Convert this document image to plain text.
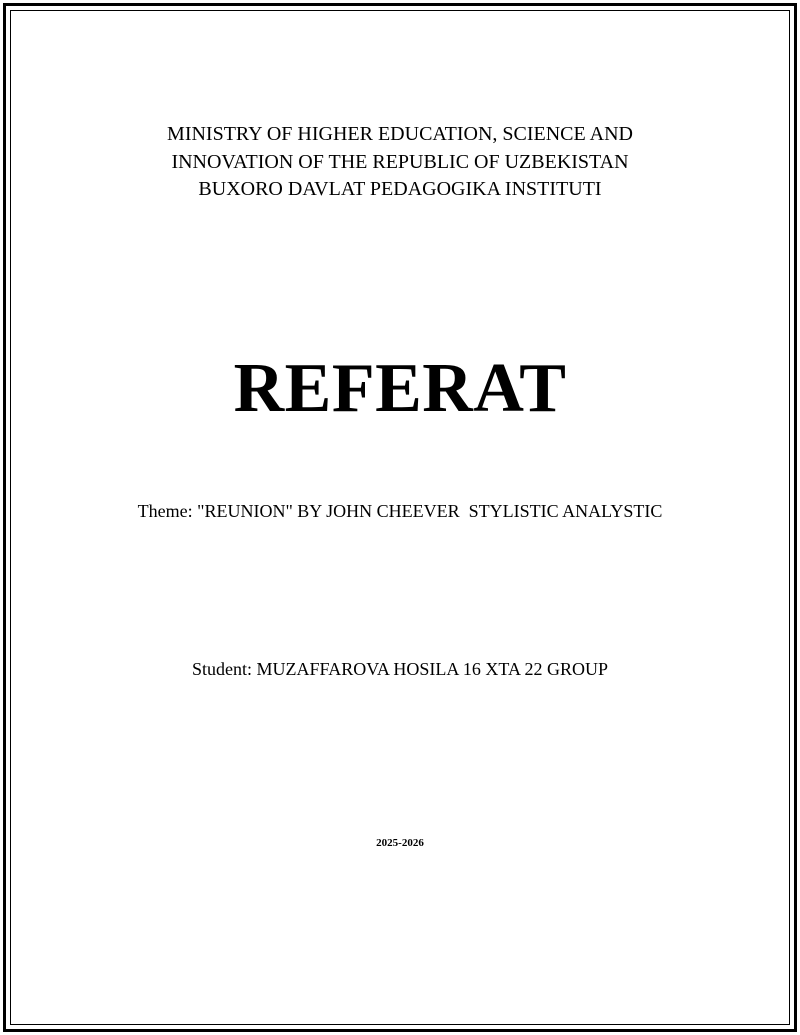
MINISTRY OF HIGHER EDUCATION, SCIENCE AND
INNOVATION OF THE REPUBLIC OF UZBEKISTAN
BUXORO DAVLAT PEDAGOGIKA INSTITUTI
REFERAT
Theme: "REUNION" BY JOHN CHEEVER  STYLISTIC ANALYSTIC
Student: MUZAFFAROVA HOSILA 16 XTA 22 GROUP
2025-2026
